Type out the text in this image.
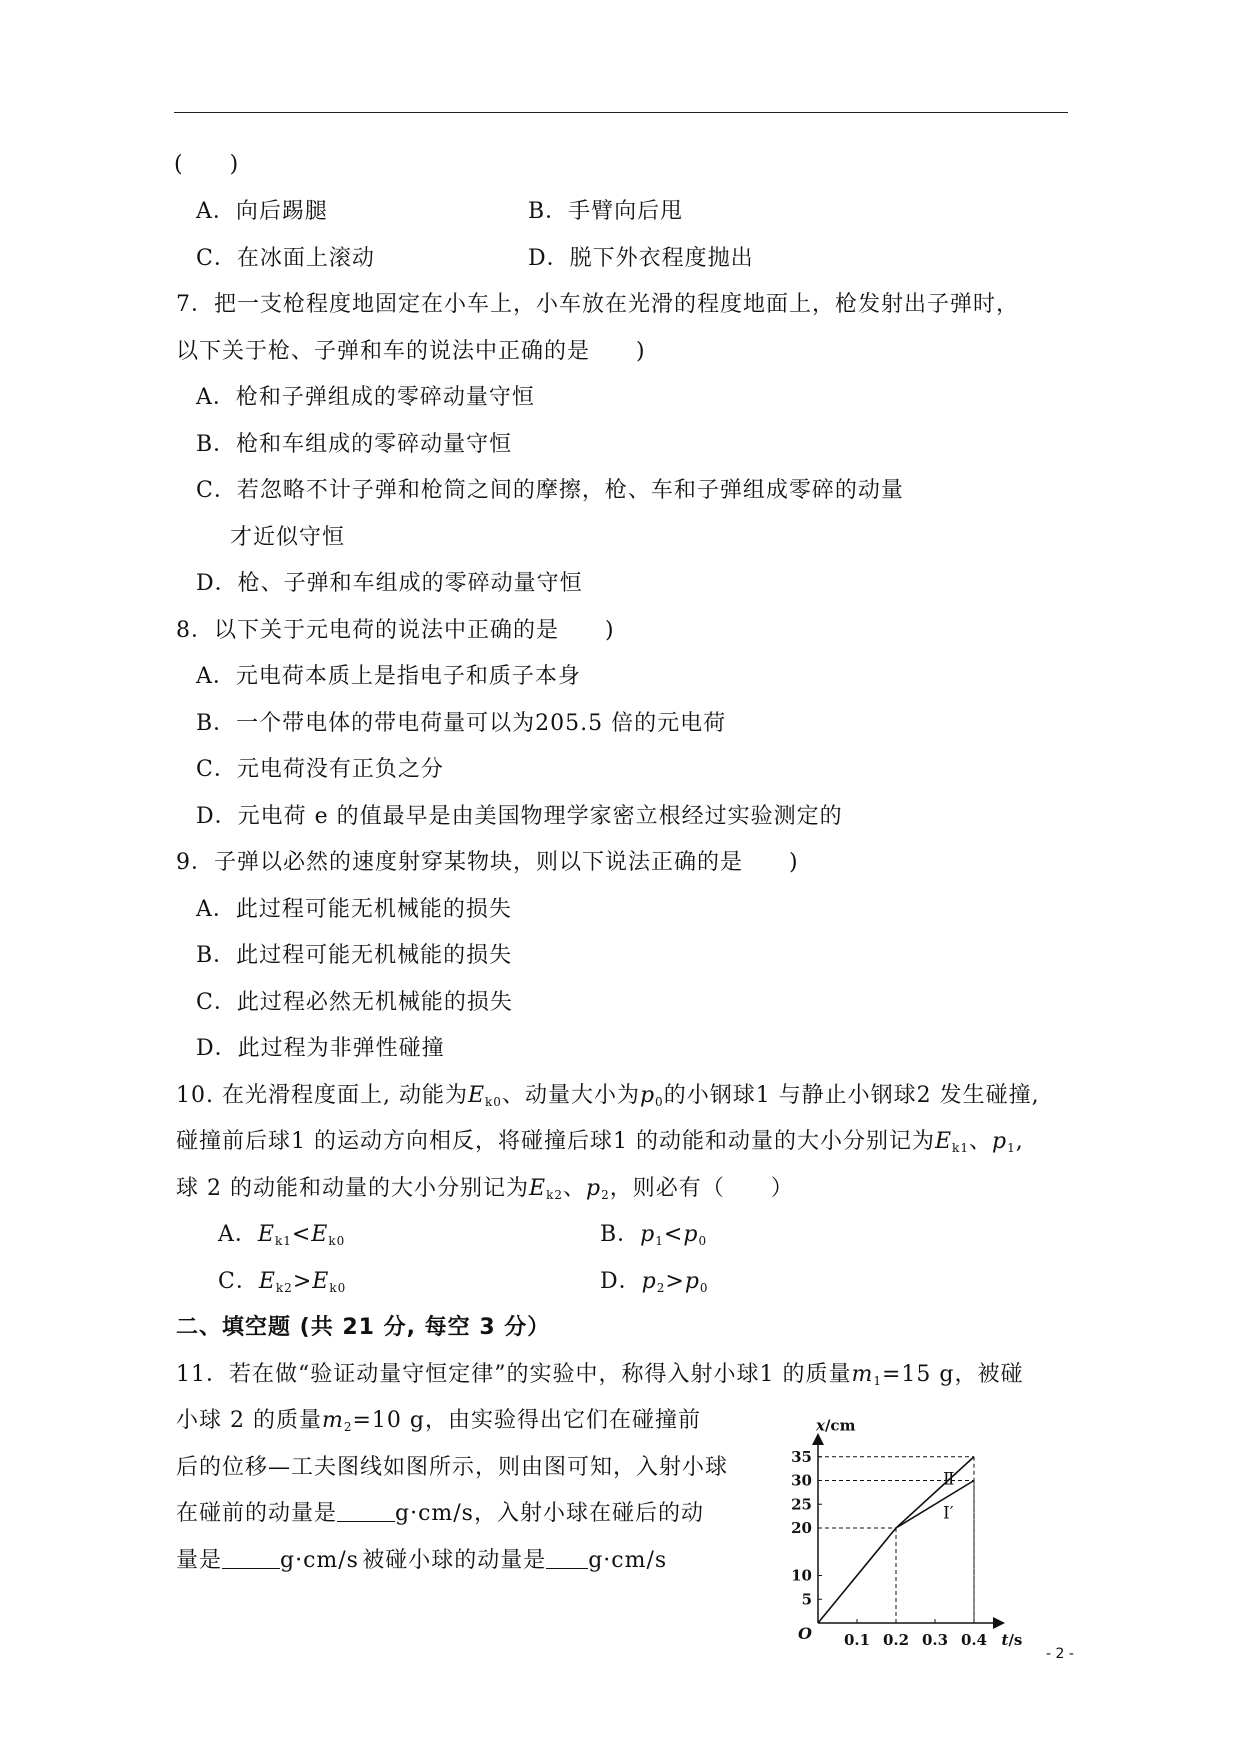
(　　)
A．向后踢腿	B．手臂向后甩
C．在冰面上滚动	D．脱下外衣程度抛出
7．把一支枪程度地固定在小车上，小车放在光滑的程度地面上，枪发射出子弹时，
以下关于枪、子弹和车的说法中正确的是　　)
A．枪和子弹组成的零碎动量守恒
B．枪和车组成的零碎动量守恒
C．若忽略不计子弹和枪筒之间的摩擦，枪、车和子弹组成零碎的动量
才近似守恒
D．枪、子弹和车组成的零碎动量守恒
8．以下关于元电荷的说法中正确的是　　)
A．元电荷本质上是指电子和质子本身
B．一个带电体的带电荷量可以为205.5 倍的元电荷
C．元电荷没有正负之分
D．元电荷 e 的值最早是由美国物理学家密立根经过实验测定的
9．子弹以必然的速度射穿某物块，则以下说法正确的是　　)
A．此过程可能无机械能的损失
B．此过程可能无机械能的损失
C．此过程必然无机械能的损失
D．此过程为非弹性碰撞
10. 在光滑程度面上, 动能为$E_{k0}$、动量大小为$p_0$的小钢球1 与静止小钢球2 发生碰撞,
碰撞前后球1 的运动方向相反，将碰撞后球1 的动能和动量的大小分别记为$E_{k1}$、$p_1$,
球 2 的动能和动量的大小分别记为$E_{k2}$、$p_2$，则必有（　　）
A．$E_{k1}<E_{k0}$	B．$p_1<p_0$
C．$E_{k2}>E_{k0}$	D．$p_2>p_0$
二、填空题 (共 21 分, 每空 3 分）
11．若在做“验证动量守恒定律”的实验中，称得入射小球1 的质量$m_1=15$ g，被碰
小球 2 的质量$m_2=10$ g，由实验得出它们在碰撞前
后的位移—工夫图线如图所示，则由图可知，入射小球
在碰前的动量是	g·cm/s，入射小球在碰后的动
量是	g·cm/s  被碰小球的动量是 g·cm/s
0.1 0.2 0.3 0.4
5
10
20
25
30
35
O
x/cm
t/s
Ⅱ′
Ⅰ′
- 2 -
